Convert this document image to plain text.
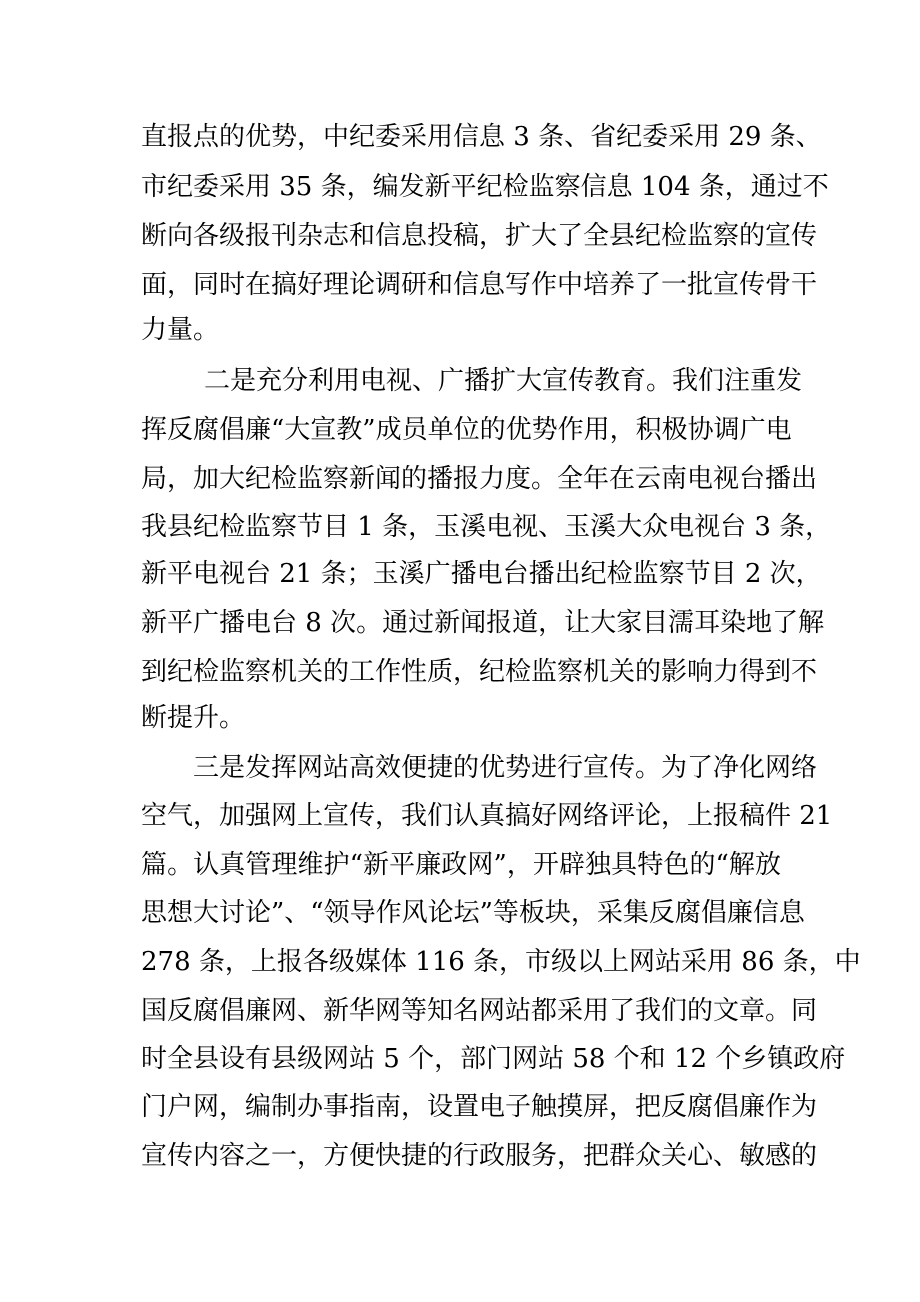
直报点的优势，中纪委采用信息 3 条、省纪委采用 29 条、
市纪委采用 35 条，编发新平纪检监察信息 104 条，通过不
断向各级报刊杂志和信息投稿，扩大了全县纪检监察的宣传
面，同时在搞好理论调研和信息写作中培养了一批宣传骨干
力量。
二是充分利用电视、广播扩大宣传教育。我们注重发
挥反腐倡廉“大宣教”成员单位的优势作用，积极协调广电
局，加大纪检监察新闻的播报力度。全年在云南电视台播出
我县纪检监察节目 1 条，玉溪电视、玉溪大众电视台 3 条，
新平电视台 21 条；玉溪广播电台播出纪检监察节目 2 次，
新平广播电台 8 次。通过新闻报道，让大家目濡耳染地了解
到纪检监察机关的工作性质，纪检监察机关的影响力得到不
断提升。
三是发挥网站高效便捷的优势进行宣传。为了净化网络
空气，加强网上宣传，我们认真搞好网络评论，上报稿件 21
篇。认真管理维护“新平廉政网”，开辟独具特色的“解放
思想大讨论”、“领导作风论坛”等板块，采集反腐倡廉信息
278 条，上报各级媒体 116 条，市级以上网站采用 86 条，中
国反腐倡廉网、新华网等知名网站都采用了我们的文章。同
时全县设有县级网站 5 个，部门网站 58 个和 12 个乡镇政府
门户网，编制办事指南，设置电子触摸屏，把反腐倡廉作为
宣传内容之一，方便快捷的行政服务，把群众关心、敏感的
